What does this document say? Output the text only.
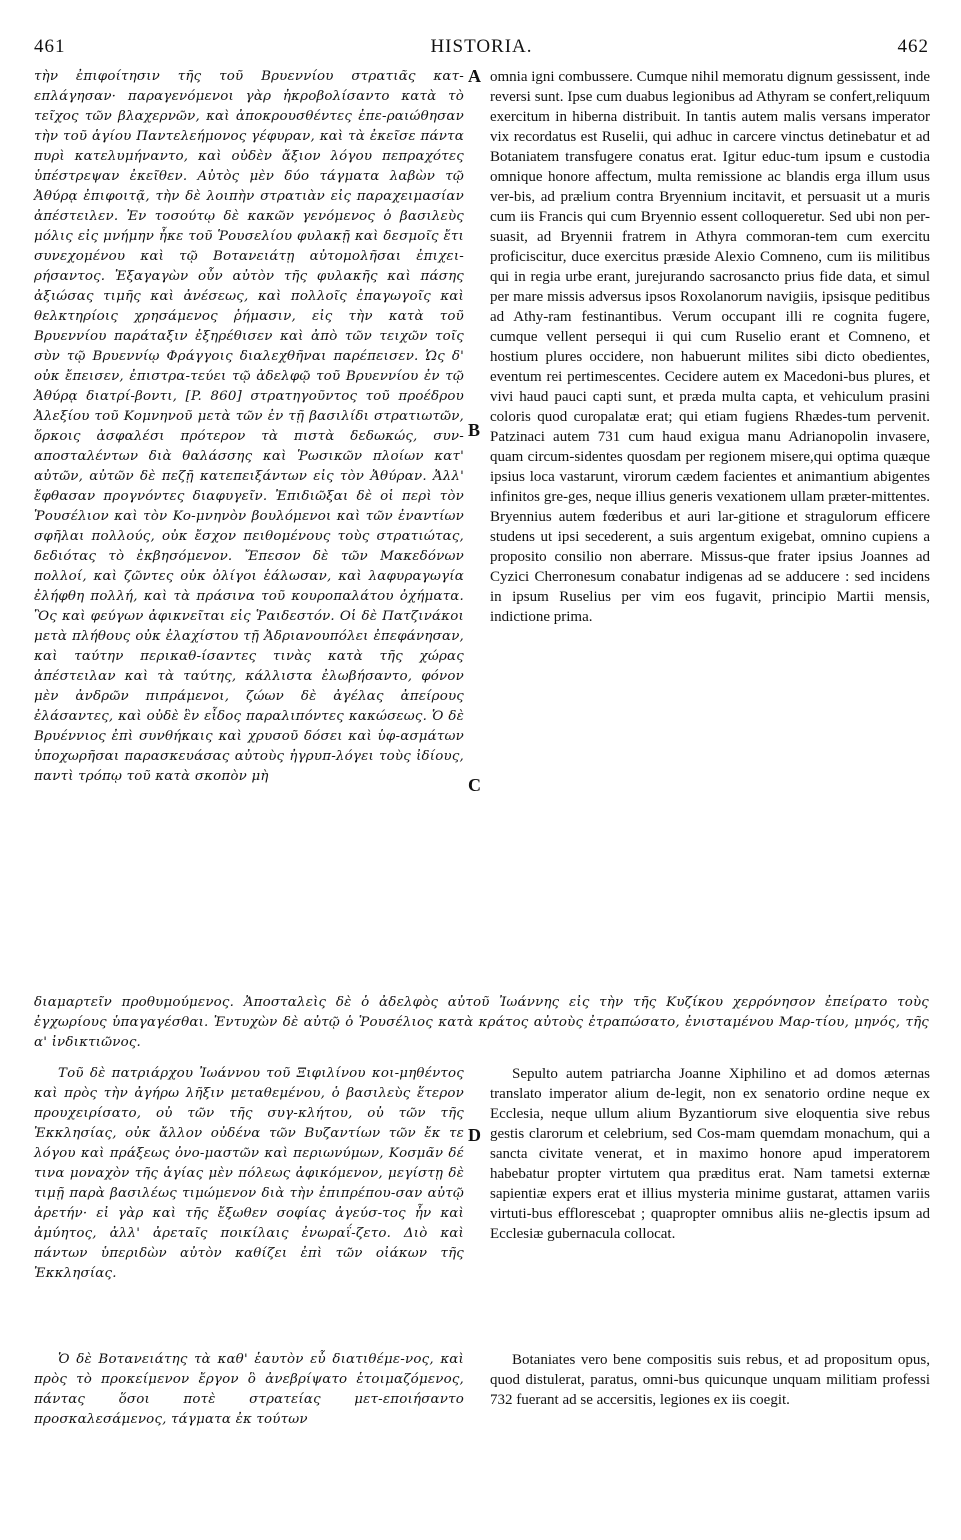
461	HISTORIA.	462

τὴν ἐπιφοίτησιν τῆς τοῦ Βρυεννίου στρατιᾶς κατ-επλάγησαν· παραγενόμενοι γὰρ ἠκροβολίσαντο κατὰ τὸ τεῖχος τῶν βλαχερνῶν, καὶ ἀποκρουσθέντες ἐπε-ραιώθησαν τὴν τοῦ ἁγίου Παντελεήμονος γέφυραν, καὶ τὰ ἐκεῖσε πάντα πυρὶ κατελυμήναντο, καὶ οὐδὲν ἄξιον λόγου πεπραχότες ὑπέστρεψαν ἐκεῖθεν. Αὐτὸς μὲν δύο τάγματα λαβὼν τῷ Ἀθύρᾳ ἐπιφοιτᾷ, τὴν δὲ λοιπὴν στρατιὰν εἰς παραχειμασίαν ἀπέστειλεν. Ἐν τοσούτῳ δὲ κακῶν γενόμενος ὁ βασιλεὺς μόλις εἰς μνήμην ἦκε τοῦ Ῥουσελίου φυλακῇ καὶ δεσμοῖς ἔτι συνεχομένου καὶ τῷ Βοτανειάτῃ αὐτομολῆσαι ἐπιχει-ρήσαντος. Ἐξαγαγὼν οὖν αὐτὸν τῆς φυλακῆς καὶ πάσης ἀξιώσας τιμῆς καὶ ἀνέσεως, καὶ πολλοῖς ἐπαγωγοῖς καὶ θελκτηρίοις χρησάμενος ῥήμασιν, εἰς τὴν κατὰ τοῦ Βρυεννίου παράταξιν ἐξηρέθισεν καὶ ἀπὸ τῶν τειχῶν τοῖς σὺν τῷ Βρυεννίῳ Φράγγοις διαλεχθῆναι παρέπεισεν. Ὡς δ' οὐκ ἔπεισεν, ἐπιστρα-τεύει τῷ ἀδελφῷ τοῦ Βρυεννίου ἐν τῷ Ἀθύρᾳ διατρί-βοντι, [P. 860] στρατηγοῦντος τοῦ προέδρου Ἀλεξίου τοῦ Κομνηνοῦ μετὰ τῶν ἐν τῇ βασιλίδι στρατιωτῶν, ὅρκοις ἀσφαλέσι πρότερον τὰ πιστὰ δεδωκώς, συν-αποσταλέντων διὰ θαλάσσης καὶ Ῥωσικῶν πλοίων κατ' αὐτῶν, αὐτῶν δὲ πεζῇ κατεπειξάντων εἰς τὸν Ἀθύραν. Ἀλλ' ἔφθασαν προγνόντες διαφυγεῖν. Ἐπιδιῶξαι δὲ οἱ περὶ τὸν Ῥουσέλιον καὶ τὸν Κο-μνηνὸν βουλόμενοι καὶ τῶν ἐναντίων σφῆλαι πολλούς, οὐκ ἔσχον πειθομένους τοὺς στρατιώτας, δεδιότας τὸ ἐκβησόμενον. Ἔπεσον δὲ τῶν Μακεδόνων πολλοί, καὶ ζῶντες οὐκ ὀλίγοι ἑάλωσαν, καὶ λαφυραγωγία ἐλήφθη πολλή, καὶ τὰ πράσινα τοῦ κουροπαλάτου ὀχήματα. Ὃς καὶ φεύγων ἀφικνεῖται εἰς Ῥαιδεστόν. Οἱ δὲ Πατζινάκοι μετὰ πλήθους οὐκ ἐλαχίστου τῇ Ἀδριανουπόλει ἐπεφάνησαν, καὶ ταύτην περικαθ-ίσαντες τινὰς κατὰ τῆς χώρας ἀπέστειλαν καὶ τὰ ταύτης, κάλλιστα ἐλωβήσαντο, φόνον μὲν ἀνδρῶν πιπράμενοι, ζώων δὲ ἀγέλας ἀπείρους ἐλάσαντες, καὶ οὐδὲ ἓν εἶδος παραλιπόντες κακώσεως. Ὁ δὲ Βρυέννιος ἐπὶ συνθήκαις καὶ χρυσοῦ δόσει καὶ ὑφ-ασμάτων ὑποχωρῆσαι παρασκευάσας αὐτοὺς ἠγρυπ-λόγει τοὺς ἰδίους, παντὶ τρόπῳ τοῦ κατὰ σκοπὸν μὴ

omnia igni combussere. Cumque nihil memoratu dignum gessissent, inde reversi sunt. Ipse cum duabus legionibus ad Athyram se confert,reliquum exercitum in hiberna distribuit. In tantis autem malis versans imperator vix recordatus est Ruselii, qui adhuc in carcere vinctus detinebatur et ad Botaniatem transfugere conatus erat. Igitur educ-tum ipsum e custodia omnique honore affectum, multa remissione ac blandis erga illum usus ver-bis, ad prælium contra Bryennium incitavit, et persuasit ut a muris cum iis Francis qui cum Bryennio essent colloqueretur. Sed ubi non per-suasit, ad Bryennii fratrem in Athyra commoran-tem cum exercitu proficiscitur, duce exercitus præside Alexio Comneno, cum iis militibus qui in regia urbe erant, jurejurando sacrosancto prius fide data, et simul per mare missis adversus ipsos Roxolanorum navigiis, ipsisque peditibus ad Athy-ram festinantibus. Verum occupant illi re cognita fugere, cumque vellent persequi ii qui cum Ruselio erant et Comneno, et hostium plures occidere, non habuerunt milites sibi dicto obedientes, eventum rei pertimescentes. Cecidere autem ex Macedoni-bus plures, et vivi haud pauci capti sunt, et præda multa capta, et vehiculum prasini coloris quod curopalatæ erat; qui etiam fugiens Rhædes-tum pervenit. Patzinaci autem 731 cum haud exigua manu Adrianopolin invasere, quam circum-sidentes quosdam per regionem misere,qui optima quæque ipsius loca vastarunt, virorum cædem facientes et animantium abigentes infinitos gre-ges, neque illius generis vexationem ullam præter-mittentes. Bryennius autem fœderibus et auri lar-gitione et stragulorum efficere studens ut ipsi secederent, a suis argentum exigebat, omnino cupiens a proposito consilio non aberrare. Missus-que frater ipsius Joannes ad Cyzici Cherronesum conabatur indigenas ad se adducere : sed incidens in ipsum Ruselius per vim eos fugavit, principio Martii mensis, indictione prima.

A
B
C
D

διαμαρτεῖν προθυμούμενος. Ἀποσταλεὶς δὲ ὁ ἀδελφὸς αὐτοῦ Ἰωάννης εἰς τὴν τῆς Κυζίκου χερρόνησον ἐπείρατο τοὺς ἐγχωρίους ὑπαγαγέσθαι. Ἐντυχὼν δὲ αὐτῷ ὁ Ῥουσέλιος κατὰ κράτος αὐτοὺς ἐτραπώσατο, ἐνισταμένου Μαρ-τίου, μηνός, τῆς α' ἰνδικτιῶνος.

Τοῦ δὲ πατριάρχου Ἰωάννου τοῦ Ξιφιλίνου κοι-μηθέντος καὶ πρὸς τὴν ἀγήρω λῆξιν μεταθεμένου, ὁ βασιλεὺς ἕτερον προυχειρίσατο, οὐ τῶν τῆς συγ-κλήτου, οὐ τῶν τῆς Ἐκκλησίας, οὐκ ἄλλον οὐδένα τῶν Βυζαντίων τῶν ἔκ τε λόγου καὶ πράξεως ὀνο-μαστῶν καὶ περιωνύμων, Κοσμᾶν δέ τινα μοναχὸν τῆς ἁγίας μὲν πόλεως ἀφικόμενον, μεγίστῃ δὲ τιμῇ παρὰ βασιλέως τιμώμενον διὰ τὴν ἐπιπρέπου-σαν αὐτῷ ἀρετήν· εἰ γὰρ καὶ τῆς ἔξωθεν σοφίας ἀγεύσ-τος ἦν καὶ ἀμύητος, ἀλλ' ἀρεταῖς ποικίλαις ἐνωραΐ-ζετο. Διὸ καὶ πάντων ὑπεριδὼν αὐτὸν καθίζει ἐπὶ τῶν οἰάκων τῆς Ἐκκλησίας.

Ὁ δὲ Βοτανειάτης τὰ καθ' ἑαυτὸν εὖ διατιθέμε-νος, καὶ πρὸς τὸ προκείμενον ἔργον ὃ ἀνεβρίψατο ἑτοιμαζόμενος, πάντας ὅσοι ποτὲ στρατείας μετ-εποιήσαντο προσκαλεσάμενος, τάγματα ἐκ τούτων

Sepulto autem patriarcha Joanne Xiphilino et ad domos æternas translato imperator alium de-legit, non ex senatorio ordine neque ex Ecclesia, neque ullum alium Byzantiorum sive eloquentia sive rebus gestis clarorum et celebrium, sed Cos-mam quemdam monachum, qui a sancta civitate venerat, et in maximo honore apud imperatorem habebatur propter virtutem qua præditus erat. Nam tametsi externæ sapientiæ expers erat et illius mysteria minime gustarat, attamen variis virtuti-bus efflorescebat ; quapropter omnibus aliis ne-glectis ipsum ad Ecclesiæ gubernacula collocat.

Botaniates vero bene compositis suis rebus, et ad propositum opus, quod distulerat, paratus, omni-bus quicunque unquam militiam professi 732 fuerant ad se accersitis, legiones ex iis coegit.
